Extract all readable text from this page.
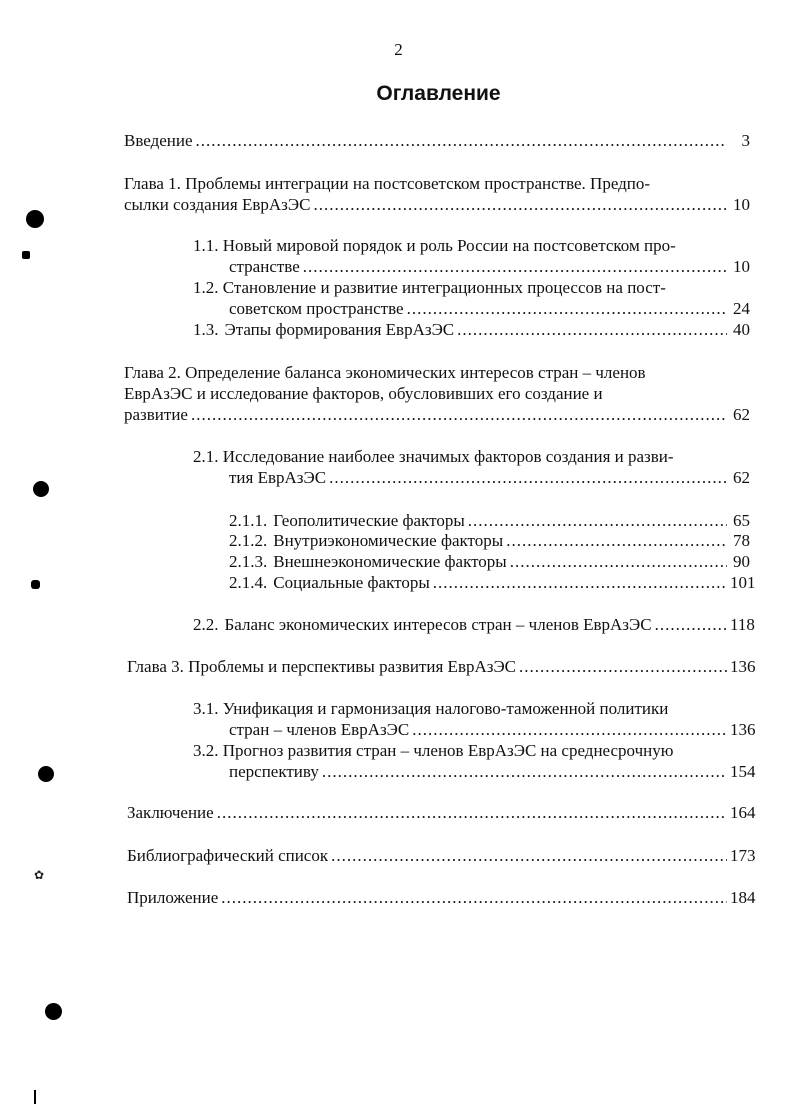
✿
2
Оглавление
Введение .....	3
Глава 1. Проблемы интеграции на постсоветском пространстве. Предпо-
сылки создания ЕврАзЭС .....	10
1.1. Новый мировой порядок и роль России на постсоветском про-
странстве .....	10
1.2. Становление и развитие интеграционных процессов на пост-
советском пространстве .....	24
1.3. Этапы формирования ЕврАзЭС .....	40
Глава 2. Определение баланса экономических интересов стран – членов
ЕврАзЭС и исследование факторов, обусловивших его создание и
развитие .....	62
2.1. Исследование наиболее значимых факторов создания и разви-
тия ЕврАзЭС .....	62
2.1.1. Геополитические факторы .....	65
2.1.2. Внутриэкономические факторы .....	78
2.1.3. Внешнеэкономические факторы .....	90
2.1.4. Социальные факторы .....	101
2.2. Баланс экономических интересов стран – членов ЕврАзЭС .....	118
Глава 3. Проблемы и перспективы развития ЕврАзЭС .....	136
3.1. Унификация и гармонизация налогово-таможенной политики
стран – членов ЕврАзЭС .....	136
3.2. Прогноз развития стран – членов ЕврАзЭС на среднесрочную
перспективу .....	154
Заключение .....	164
Библиографический список .....	173
Приложение .....	184
